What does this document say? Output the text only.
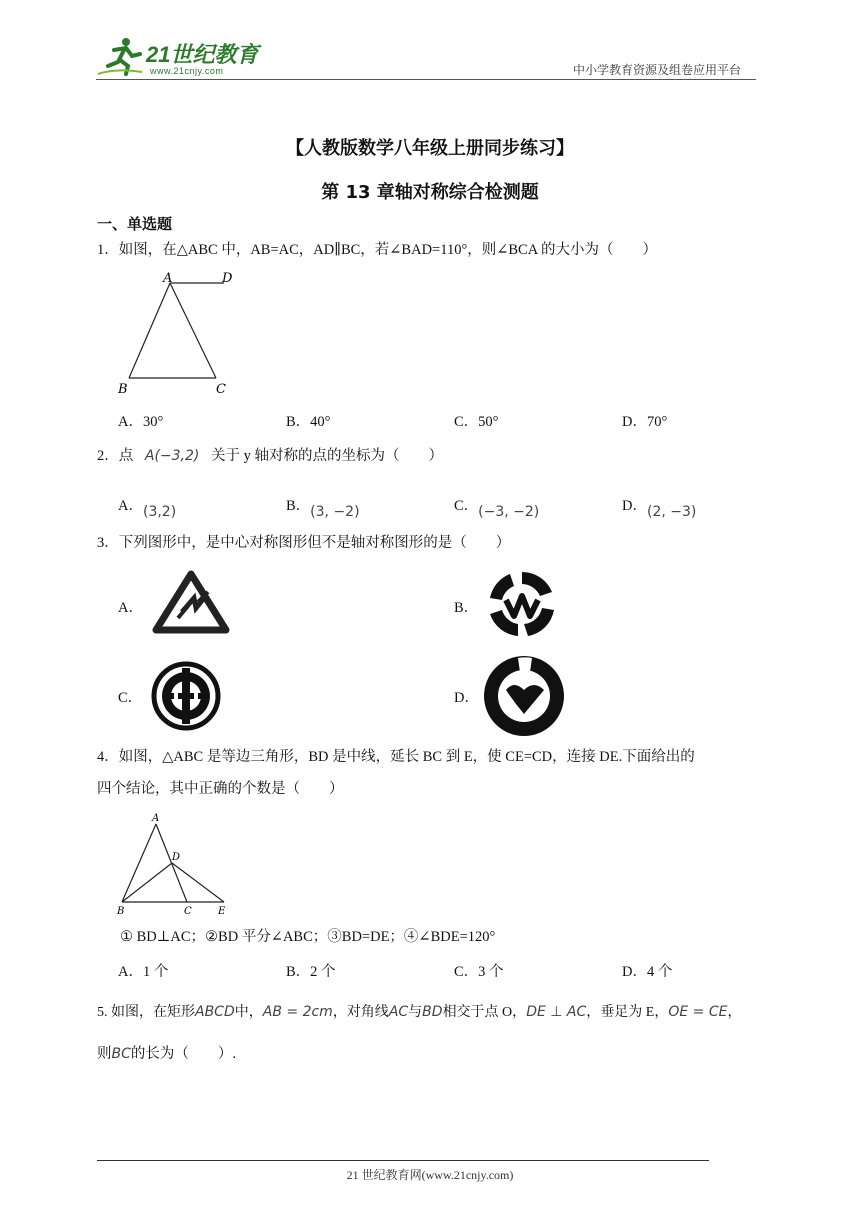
21世纪教育
www.21cnjy.com	中小学教育资源及组卷应用平台
【人教版数学八年级上册同步练习】
第 13 章轴对称综合检测题
一、单选题
1．如图，在△ABC 中，AB=AC，AD∥BC，若∠BAD=110°，则∠BCA 的大小为（　　）
A	D
B	C
A．30°	B．40°	C．50°	D．70°
2．点 A(−3,2) 关于 y 轴对称的点的坐标为（　　）
A．(3,2)	B．(3, −2)	C．(−3, −2)	D．(2, −3)
3．下列图形中，是中心对称图形但不是轴对称图形的是（　　）
A．	B．
C．	D．
4．如图，△ABC 是等边三角形，BD 是中线，延长 BC 到 E，使 CE=CD，连接 DE.下面给出的
四个结论，其中正确的个数是（　　）
A
D
B	C	E
① BD⊥AC；②BD 平分∠ABC；③BD=DE；④∠BDE=120°
A．1 个	B．2 个	C．3 个	D．4 个
5. 如图，在矩形ABCD中，AB = 2cm，对角线AC与BD相交于点 O，DE ⊥ AC，垂足为 E，OE = CE，
则BC的长为（　　）.
21 世纪教育网(www.21cnjy.com)
